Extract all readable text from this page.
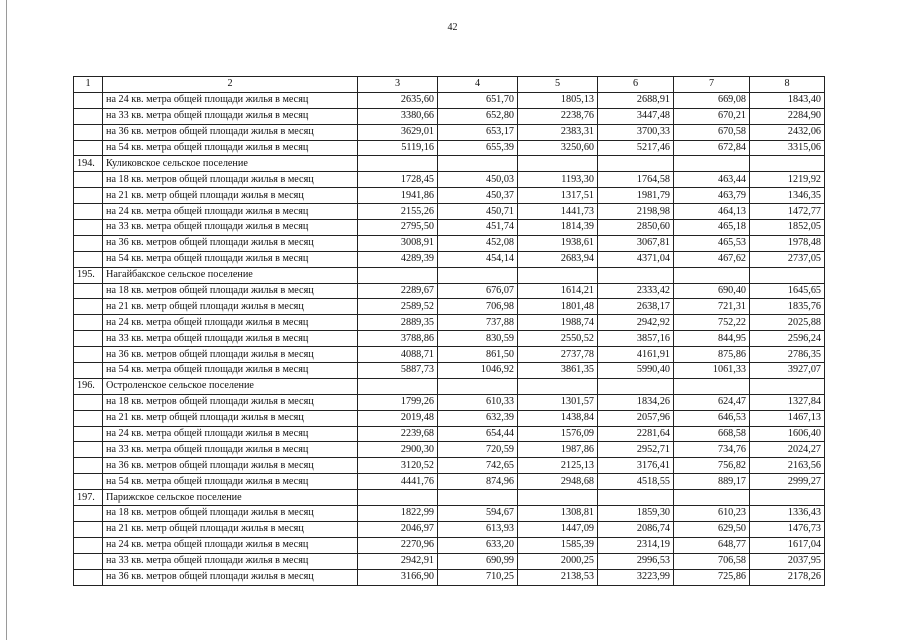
42
1	2	3	4	5	6	7	8
	на 24 кв. метра общей площади жилья в месяц	2635,60	651,70	1805,13	2688,91	669,08	1843,40
	на 33 кв. метра общей площади жилья в месяц	3380,66	652,80	2238,76	3447,48	670,21	2284,90
	на 36 кв. метров общей площади жилья в месяц	3629,01	653,17	2383,31	3700,33	670,58	2432,06
	на 54 кв. метра общей площади жилья в месяц	5119,16	655,39	3250,60	5217,46	672,84	3315,06
194.	Куликовское сельское поселение						
	на 18 кв. метров общей площади жилья в месяц	1728,45	450,03	1193,30	1764,58	463,44	1219,92
	на 21 кв. метр общей площади жилья в месяц	1941,86	450,37	1317,51	1981,79	463,79	1346,35
	на 24 кв. метра общей площади жилья в месяц	2155,26	450,71	1441,73	2198,98	464,13	1472,77
	на 33 кв. метра общей площади жилья в месяц	2795,50	451,74	1814,39	2850,60	465,18	1852,05
	на 36 кв. метров общей площади жилья в месяц	3008,91	452,08	1938,61	3067,81	465,53	1978,48
	на 54 кв. метра общей площади жилья в месяц	4289,39	454,14	2683,94	4371,04	467,62	2737,05
195.	Нагайбакское сельское поселение						
	на 18 кв. метров общей площади жилья в месяц	2289,67	676,07	1614,21	2333,42	690,40	1645,65
	на 21 кв. метр общей площади жилья в месяц	2589,52	706,98	1801,48	2638,17	721,31	1835,76
	на 24 кв. метра общей площади жилья в месяц	2889,35	737,88	1988,74	2942,92	752,22	2025,88
	на 33 кв. метра общей площади жилья в месяц	3788,86	830,59	2550,52	3857,16	844,95	2596,24
	на 36 кв. метров общей площади жилья в месяц	4088,71	861,50	2737,78	4161,91	875,86	2786,35
	на 54 кв. метра общей площади жилья в месяц	5887,73	1046,92	3861,35	5990,40	1061,33	3927,07
196.	Остроленское сельское поселение						
	на 18 кв. метров общей площади жилья в месяц	1799,26	610,33	1301,57	1834,26	624,47	1327,84
	на 21 кв. метр общей площади жилья в месяц	2019,48	632,39	1438,84	2057,96	646,53	1467,13
	на 24 кв. метра общей площади жилья в месяц	2239,68	654,44	1576,09	2281,64	668,58	1606,40
	на 33 кв. метра общей площади жилья в месяц	2900,30	720,59	1987,86	2952,71	734,76	2024,27
	на 36 кв. метров общей площади жилья в месяц	3120,52	742,65	2125,13	3176,41	756,82	2163,56
	на 54 кв. метра общей площади жилья в месяц	4441,76	874,96	2948,68	4518,55	889,17	2999,27
197.	Парижское сельское поселение						
	на 18 кв. метров общей площади жилья в месяц	1822,99	594,67	1308,81	1859,30	610,23	1336,43
	на 21 кв. метр общей площади жилья в месяц	2046,97	613,93	1447,09	2086,74	629,50	1476,73
	на 24 кв. метра общей площади жилья в месяц	2270,96	633,20	1585,39	2314,19	648,77	1617,04
	на 33 кв. метра общей площади жилья в месяц	2942,91	690,99	2000,25	2996,53	706,58	2037,95
	на 36 кв. метров общей площади жилья в месяц	3166,90	710,25	2138,53	3223,99	725,86	2178,26
